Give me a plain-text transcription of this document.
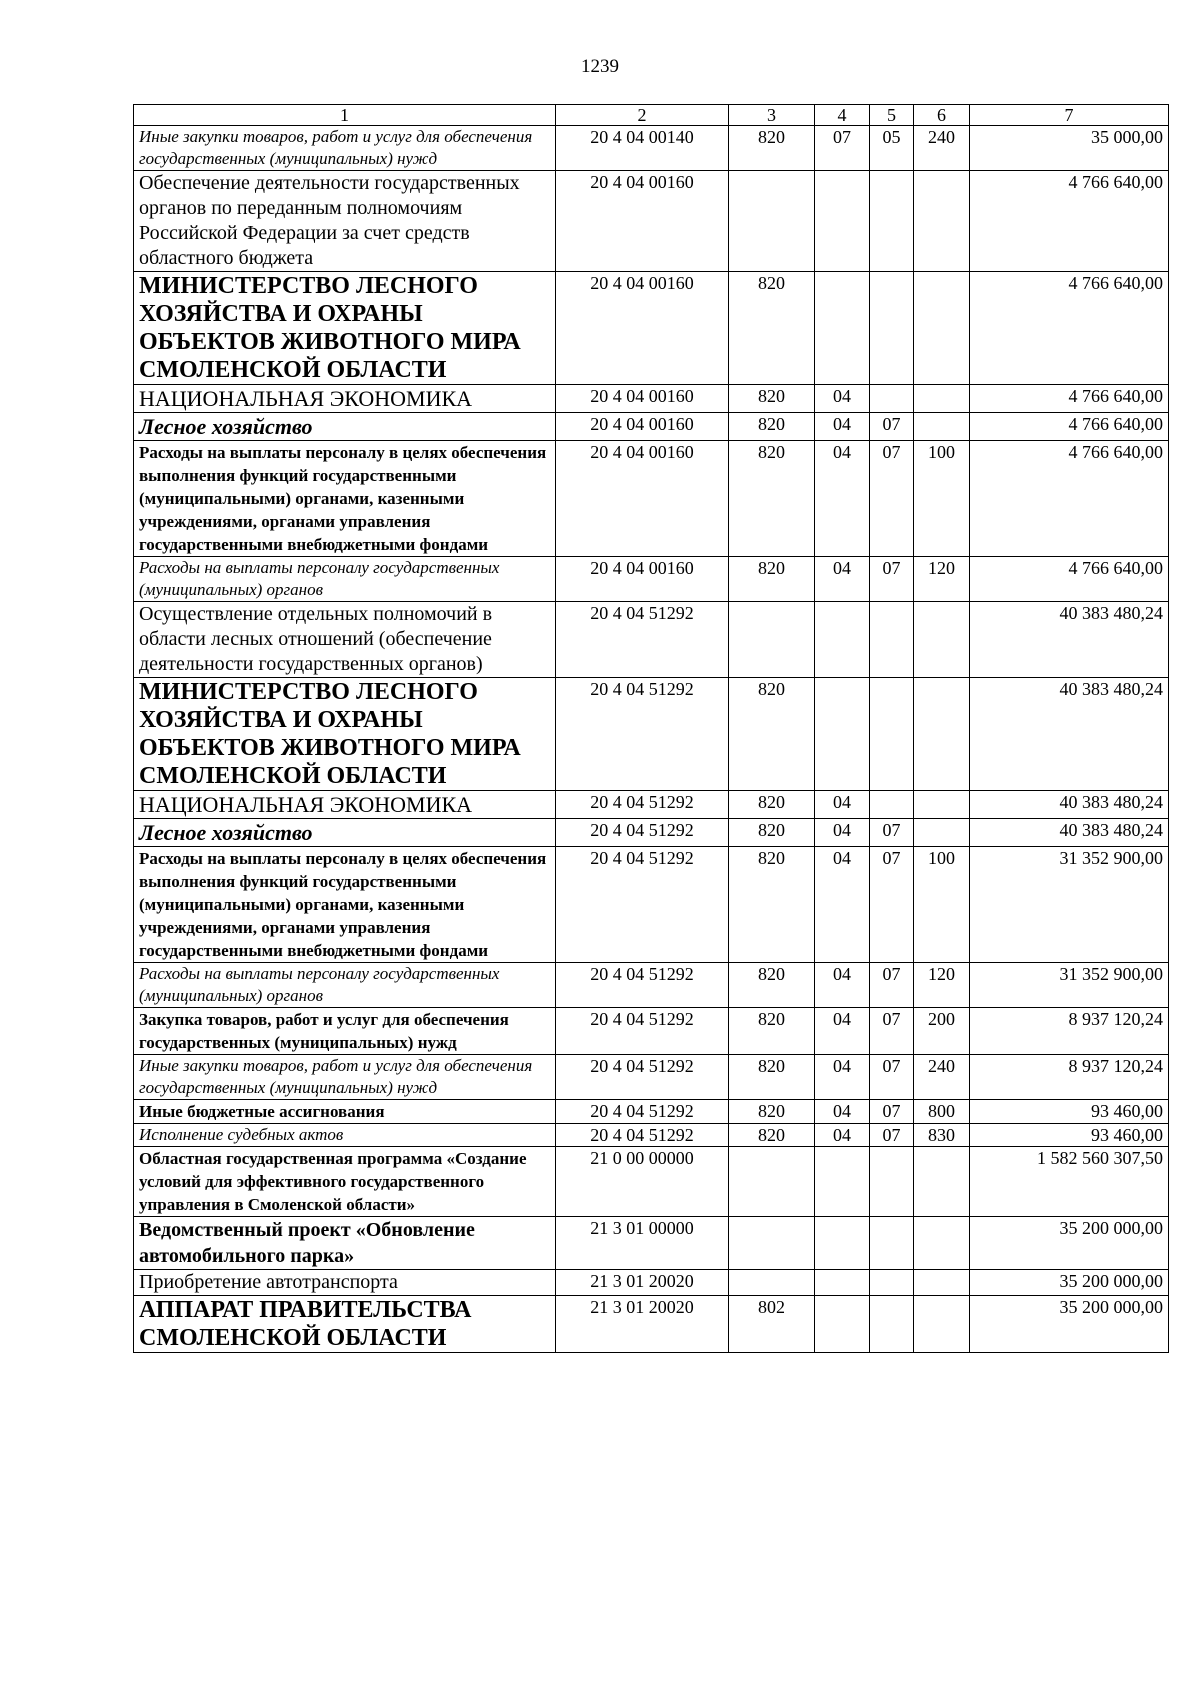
1239
1	2	3	4	5	6	7
Иные закупки товаров, работ и услуг для обеспечения государственных (муниципальных) нужд	20 4 04 00140	820	07	05	240	35 000,00
Обеспечение деятельности государственных органов по переданным полномочиям Российской Федерации за счет средств областного бюджета	20 4 04 00160					4 766 640,00
МИНИСТЕРСТВО ЛЕСНОГО ХОЗЯЙСТВА И ОХРАНЫ ОБЪЕКТОВ ЖИВОТНОГО МИРА СМОЛЕНСКОЙ ОБЛАСТИ	20 4 04 00160	820				4 766 640,00
НАЦИОНАЛЬНАЯ ЭКОНОМИКА	20 4 04 00160	820	04			4 766 640,00
Лесное хозяйство	20 4 04 00160	820	04	07		4 766 640,00
Расходы на выплаты персоналу в целях обеспечения выполнения функций государственными (муниципальными) органами, казенными учреждениями, органами управления государственными внебюджетными фондами	20 4 04 00160	820	04	07	100	4 766 640,00
Расходы на выплаты персоналу государственных (муниципальных) органов	20 4 04 00160	820	04	07	120	4 766 640,00
Осуществление отдельных полномочий в области лесных отношений (обеспечение деятельности государственных органов)	20 4 04 51292					40 383 480,24
МИНИСТЕРСТВО ЛЕСНОГО ХОЗЯЙСТВА И ОХРАНЫ ОБЪЕКТОВ ЖИВОТНОГО МИРА СМОЛЕНСКОЙ ОБЛАСТИ	20 4 04 51292	820				40 383 480,24
НАЦИОНАЛЬНАЯ ЭКОНОМИКА	20 4 04 51292	820	04			40 383 480,24
Лесное хозяйство	20 4 04 51292	820	04	07		40 383 480,24
Расходы на выплаты персоналу в целях обеспечения выполнения функций государственными (муниципальными) органами, казенными учреждениями, органами управления государственными внебюджетными фондами	20 4 04 51292	820	04	07	100	31 352 900,00
Расходы на выплаты персоналу государственных (муниципальных) органов	20 4 04 51292	820	04	07	120	31 352 900,00
Закупка товаров, работ и услуг для обеспечения государственных (муниципальных) нужд	20 4 04 51292	820	04	07	200	8 937 120,24
Иные закупки товаров, работ и услуг для обеспечения государственных (муниципальных) нужд	20 4 04 51292	820	04	07	240	8 937 120,24
Иные бюджетные ассигнования	20 4 04 51292	820	04	07	800	93 460,00
Исполнение судебных актов	20 4 04 51292	820	04	07	830	93 460,00
Областная государственная программа «Создание условий для эффективного государственного управления в Смоленской области»	21 0 00 00000					1 582 560 307,50
Ведомственный проект «Обновление автомобильного парка»	21 3 01 00000					35 200 000,00
Приобретение автотранспорта	21 3 01 20020					35 200 000,00
АППАРАТ ПРАВИТЕЛЬСТВА СМОЛЕНСКОЙ ОБЛАСТИ	21 3 01 20020	802				35 200 000,00
